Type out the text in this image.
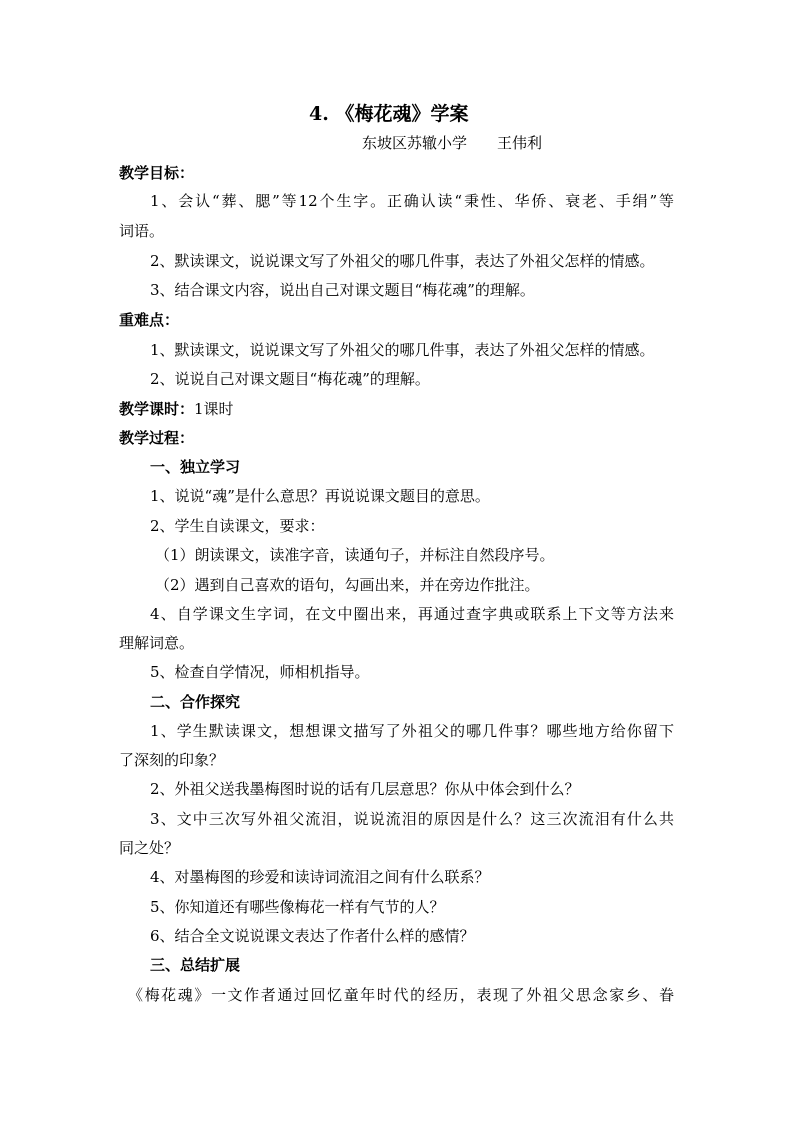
4. 《梅花魂》学案
东坡区苏辙小学 王伟利
教学目标：
1、会认“葬、腮”等12个生字。正确认读“秉性、华侨、衰老、手绢”等
词语。
2、默读课文，说说课文写了外祖父的哪几件事，表达了外祖父怎样的情感。
3、结合课文内容，说出自己对课文题目“梅花魂”的理解。
重难点：
1、默读课文，说说课文写了外祖父的哪几件事，表达了外祖父怎样的情感。
2、说说自己对课文题目“梅花魂”的理解。
教学课时：1课时
教学过程：
一、独立学习
1、说说“魂”是什么意思？再说说课文题目的意思。
2、学生自读课文，要求：
（1）朗读课文，读准字音，读通句子，并标注自然段序号。
（2）遇到自己喜欢的语句，勾画出来，并在旁边作批注。
4、自学课文生字词，在文中圈出来，再通过查字典或联系上下文等方法来
理解词意。
5、检查自学情况，师相机指导。
二、合作探究
1、学生默读课文，想想课文描写了外祖父的哪几件事？哪些地方给你留下
了深刻的印象？
2、外祖父送我墨梅图时说的话有几层意思？你从中体会到什么？
3、文中三次写外祖父流泪，说说流泪的原因是什么？这三次流泪有什么共
同之处？
4、对墨梅图的珍爱和读诗词流泪之间有什么联系？
5、你知道还有哪些像梅花一样有气节的人？
6、结合全文说说课文表达了作者什么样的感情？
三、总结扩展
《梅花魂》一文作者通过回忆童年时代的经历，表现了外祖父思念家乡、眷
